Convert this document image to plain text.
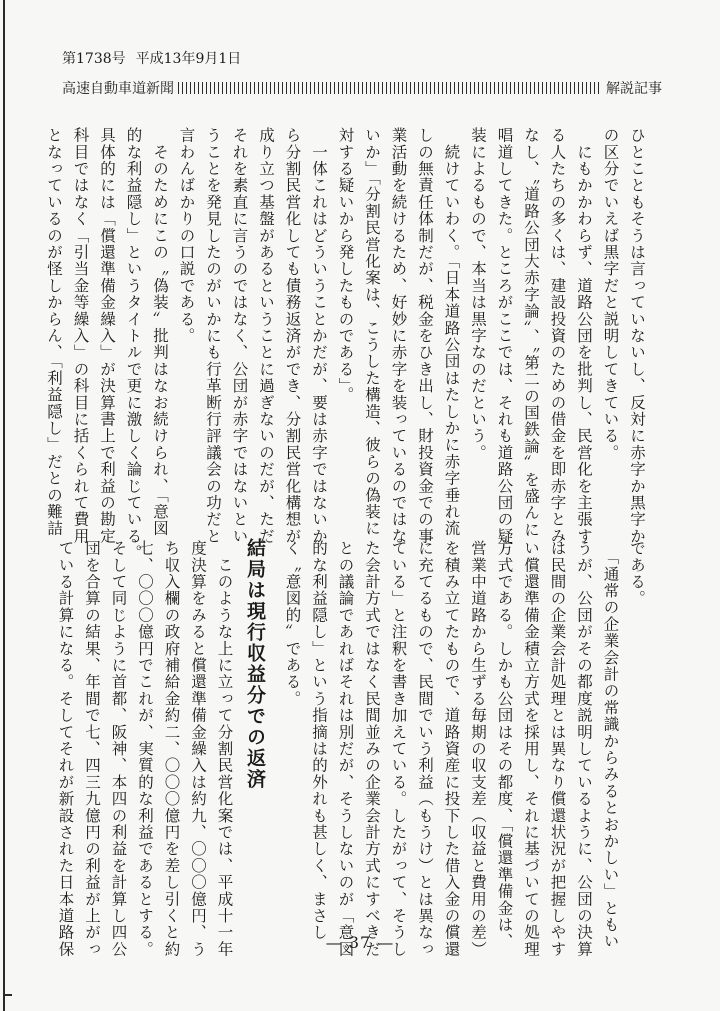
第1738号 平成13年9月1日
高速自動車道新聞	解説記事
ひとこともそうは言っていないし、反対に赤字か黒字か
の区分でいえば黒字だと説明してきている。
　にもかかわらず、道路公団を批判し、民営化を主張す
る人たちの多くは、建設投資のための借金を即赤字とみ
なし、〝道路公団大赤字論〟、〝第二の国鉄論〟を盛んに
唱道してきた。ところがここでは、それも道路公団の疑
装によるもので、本当は黒字なのだという。
　続けていわく。「日本道路公団はたしかに赤字垂れ流
しの無責任体制だが、税金をひき出し、財投資金での事
業活動を続けるため、好妙に赤字を装っているのではな
いか」「分割民営化案は、こうした構造、彼らの偽装に
対する疑いから発したものである」。
　一体これはどういうことかだが、要は赤字ではないか
ら分割民営化しても債務返済ができ、分割民営化構想が
成り立つ基盤があるということに過ぎないのだが、ただ
それを素直に言うのではなく、公団が赤字ではないとい
うことを発見したのがいかにも行革断行評議会の功だと
言わんばかりの口説である。
　そのためにこの〝偽装〟批判はなお続けられ、「意図
的な利益隠し」というタイトルで更に激しく論じている。
具体的には「償還準備金繰入」が決算書上で利益の勘定
科目ではなく「引当金等繰入」の科目に括くられて費用
となっているのが怪しからん、「利益隠し」だとの難詰
である。
　「通常の企業会計の常識からみるとおかしい」ともい
うが、公団がその都度説明しているように、公団の決算
は民間の企業会計処理とは異なり償還状況が把握しやす
い償還準備金積立方式を採用し、それに基づいての処理
方式である。しかも公団はその都度、「償還準備金は、
営業中道路から生ずる毎期の収支差（収益と費用の差）
を積み立てたもので、道路資産に投下した借入金の償還
に充てるもので、民間でいう利益（もうけ）とは異なっ
ている」と注釈を書き加えている。したがって、そうし
た会計方式ではなく民間並みの企業会計方式にすべきだ
との議論であればそれは別だが、そうしないのが「意図
的な利益隠し」という指摘は的外れも甚しく、まさし
く〝意図的〟である。
結局は現行収益分での返済
　このような上に立って分割民営化案では、平成十一年
度決算をみると償還準備金繰入は約九、〇〇〇億円、う
ち収入欄の政府補給金約二、〇〇〇億円を差し引くと約
七、〇〇〇億円でこれが、実質的な利益であるとする。
そして同じように首都、阪神、本四の利益を計算し四公
団を合算の結果、年間で七、四三九億円の利益が上がっ
ている計算になる。そしてそれが新設された日本道路保	— 37 —
